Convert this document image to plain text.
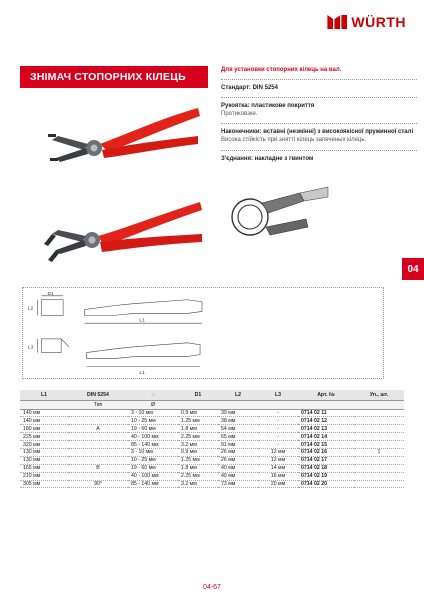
WÜRTH
ЗНІМАЧ СТОПОРНИХ КІЛЕЦЬ
Для установки стопорних кілець на вал.
Стандарт: DIN 5254
Рукоятка: пластикове покриття
Протиковзке.
Наконечники: вставні (незмінні) з високоякісної пружинної сталі
Висока стійкість при знятті кілець запеченых кілець.
З'єднання: накладне з гвинтом
04
D1
L2
L1
L3
L1
L1	DIN 5254	◌	D1	L2	L3	Арт. №	Уп., шт.
	Тип	Ø					
140 мм		3 - 10 мм	0.9 мм	39 мм	-	0714 02 11	
140 мм		10 - 25 мм	1.25 мм	38 мм	-	0714 02 12	
180 мм	A	19 - 60 мм	1.8 мм	54 мм	-	0714 02 13	
225 мм		40 - 100 мм	2.25 мм	65 мм	-	0714 02 14	
320 мм		85 - 140 мм	3.2 мм	91 мм	-	0714 02 15	
130 мм		3 - 10 мм	0.9 мм	26 мм	12 мм	0714 02 16	1
130 мм		10 - 25 мм	1.25 мм	26 мм	12 мм	0714 02 17	
165 мм	B	19 - 60 мм	1.8 мм	40 мм	14 мм	0714 02 18	
210 мм		40 - 100 мм	2.25 мм	49 мм	16 мм	0714 02 19	
305 мм	90°	85 - 140 мм	3.2 мм	73 мм	20 мм	0714 02 20	
04-67
